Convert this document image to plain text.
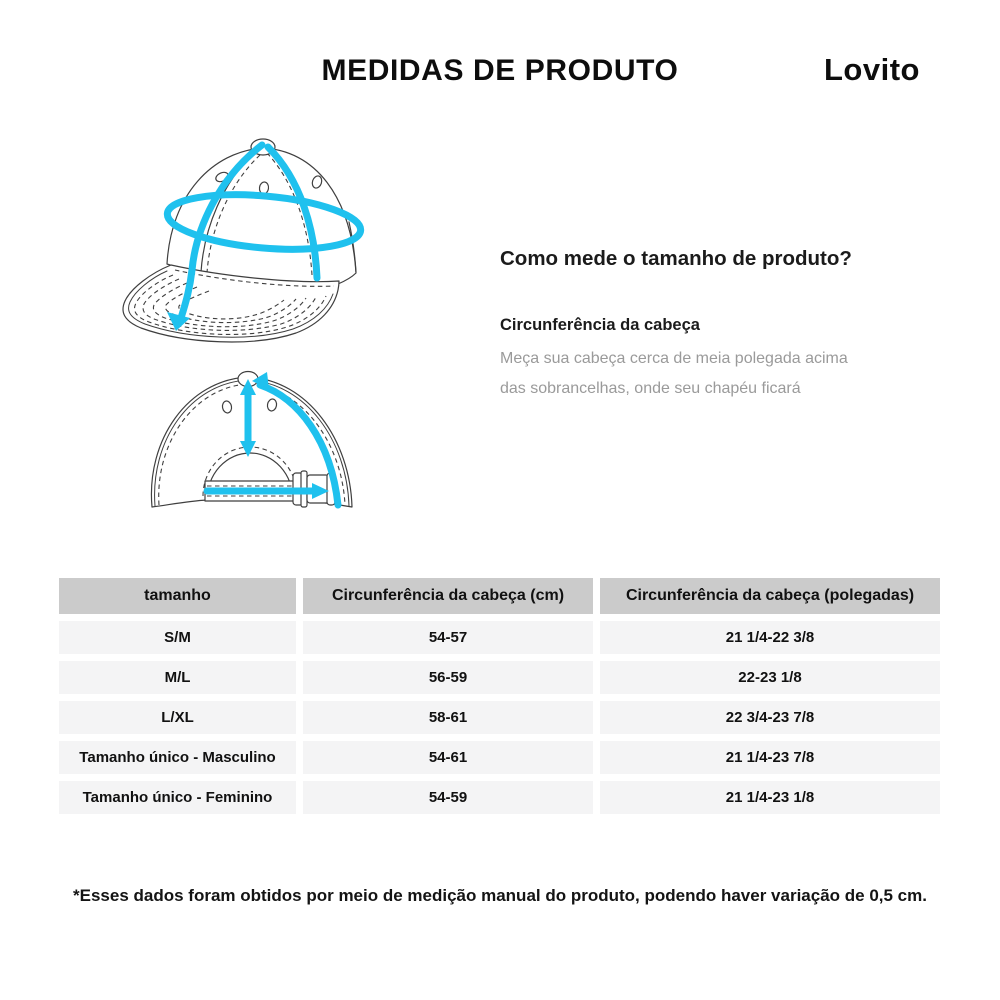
MEDIDAS DE PRODUTO	Lovito
Como mede o tamanho de produto?
Circunferência da cabeça
Meça sua cabeça cerca de meia polegada acima
das sobrancelhas, onde seu chapéu ficará
tamanho	Circunferência da cabeça (cm)	Circunferência da cabeça (polegadas)
S/M	54-57	21 1/4-22 3/8
M/L	56-59	22-23 1/8
L/XL	58-61	22 3/4-23 7/8
Tamanho único - Masculino	54-61	21 1/4-23 7/8
Tamanho único - Feminino	54-59	21 1/4-23 1/8
*Esses dados foram obtidos por meio de medição manual do produto, podendo haver variação de 0,5 cm.
